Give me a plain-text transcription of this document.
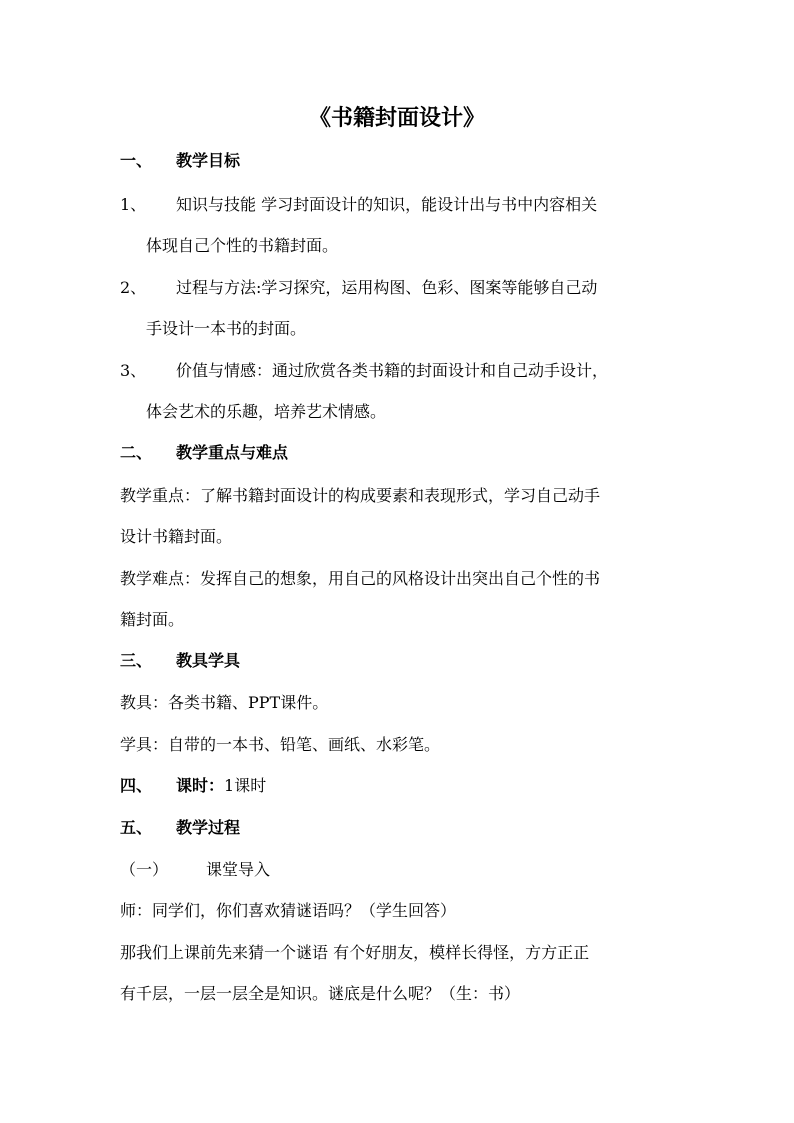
《书籍封面设计》
一、 教学目标
1、 知识与技能 学习封面设计的知识，能设计出与书中内容相关
体现自己个性的书籍封面。
2、 过程与方法:学习探究，运用构图、色彩、图案等能够自己动
手设计一本书的封面。
3、 价值与情感：通过欣赏各类书籍的封面设计和自己动手设计，
体会艺术的乐趣，培养艺术情感。
二、 教学重点与难点
教学重点：了解书籍封面设计的构成要素和表现形式，学习自己动手
设计书籍封面。
教学难点：发挥自己的想象，用自己的风格设计出突出自己个性的书
籍封面。
三、 教具学具
教具：各类书籍、PPT课件。
学具：自带的一本书、铅笔、画纸、水彩笔。
四、 课时：1课时
五、 教学过程
（一） 课堂导入
师：同学们，你们喜欢猜谜语吗？（学生回答）
那我们上课前先来猜一个谜语 有个好朋友，模样长得怪，方方正正
有千层，一层一层全是知识。谜底是什么呢？（生：书）
